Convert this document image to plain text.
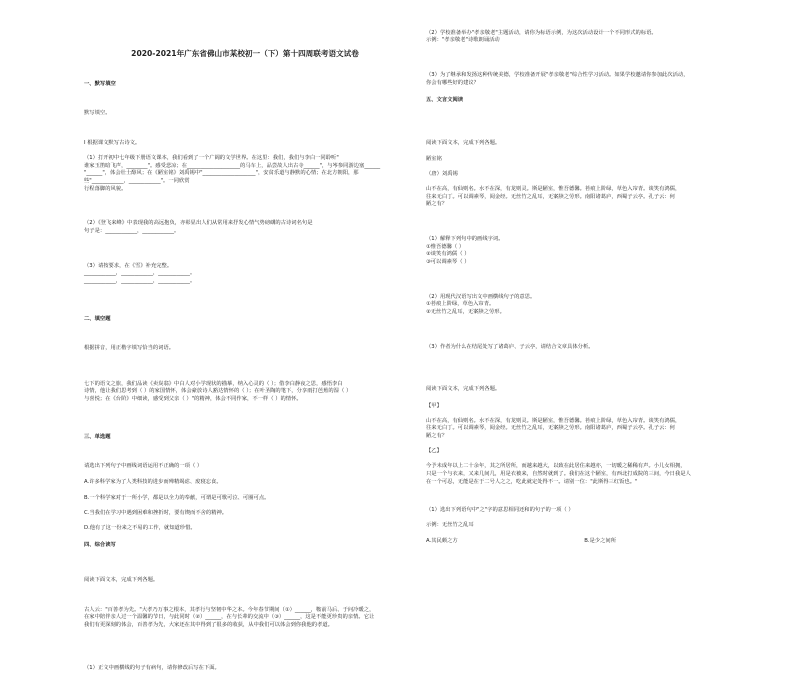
2020-2021年广东省佛山市某校初一（下）第十四周联考语文试卷

一、默写填空

默写填空。

I 根据课文默写古诗文。

（1）打开初中七年级下册语文课本，我们看到了一个广阔的文学世界。在这里：我们，我们与李白一同聆听"
谁家玉笛暗飞声，________"。感受悲凉；在____________________的马车上，品尝故人出古寺______"，与岑参同游边塞______
"______"，体会壮士醇风；在《陋室铭》刘禹锡中"____________________"，安贫乐道与静默的心情；在北方朝阳，那
些"____________，____________"。一同欣赏
行程落脚的风貌。

（2）《登飞来峰》中表现我的高远抱负，亦彰显出人们从常用来抒发心情气势磅礴的古诗词名句是
句子是：____________，____________。

（3）请按要求，在《雪》补充完整。
____________，____________，____________。
____________，____________，____________。

二、填空题

根据拼音，用正楷字填写恰当的词语。

七下的语文之旅，我们品读《卖炭翁》中白人对小学现状的描摹，纳入心灵的（ ）；借李白静夜之思，感悟李白
诗情，他让我们思考到（ ）的家国情怀，体会豪放诗人豁达情怀的（ ）；在叶圣陶的笔下，分享雨打芭蕉的湿（ ）
与喜悦；在《台阶》中细读，感受到父亲（ ）"的精神，体会不同作家，不一样（ ）的情怀。

三、单选题

请选出下列句子中画线词语运用不正确的一项（ ）

A.许多科学家为了人类科技的进步而殚精竭虑、废寝忘食。

B.一个科学家对于一所小学，都是以全力的奉献，可谓是可歌可泣、可圈可点。

C.当我们在学习中遇到困难和挫折时，要有锲而不舍的精神。

D.他有了这一份来之不易的工作，就知道珍惜。

四、综合读写

阅读下面文本，完成下列各题。

古人云："百善孝为先。"大孝乃万事之根本，其孝行与坚韧中华之本。今年春节期间（①）______，鞍前马后、于问冷暖之，
在家中陪伴亲人过一个温馨的节日，与此同时（②）______，在与长辈的交流中（③）______，这是不能更珍贵的亲情。它让
我们有更深刻的体会，百善孝为先，大家还在其中得到了很多的收获，从中我们可以体会到你我他的孝道。

（1）正文中画横线的句子有病句，请你修改后写在下面。

（2）学校准备举办"孝亲敬老"主题活动，请你为标语示例，为这次活动设计一个不同形式的标语。
示例："孝亲敬老"诗歌朗诵活动

（3）为了继承和发扬这种传统美德，学校准备开展"孝亲敬老"综合性学习活动。如果学校邀请你参加此次活动，
你会有哪些好的建议？

五、文言文阅读

阅读下面文本，完成下列各题。

陋室铭

（唐）刘禹锡

山不在高，有仙则名。水不在深，有龙则灵。斯是陋室，惟吾德馨。苔痕上阶绿，草色入帘青。谈笑有鸿儒，
往来无白丁。可以调素琴，阅金经。无丝竹之乱耳，无案牍之劳形。南阳诸葛庐，西蜀子云亭。孔子云：何
陋之有？

（1）解释下列句中的画线字词。
①惟吾德馨（ ）
②谈笑有鸿儒（ ）
③可以调素琴（ ）

（2）用现代汉语写出文中画横线句子的意思。
①苔痕上阶绿，草色入帘青。
②无丝竹之乱耳，无案牍之劳形。

（3）作者为什么在结尾处写了诸葛庐、子云亭，请结合文章具体分析。

阅读下面文本，完成下列各题。

【甲】

山不在高，有仙则名。水不在深，有龙则灵。斯是陋室，惟吾德馨。苔痕上阶绿，草色入帘青。谈笑有鸿儒，
往来无白丁。可以调素琴，阅金经。无丝竹之乱耳，无案牍之劳形。南阳诸葛庐，西蜀子云亭。孔子云：何
陋之有？

【乙】

今予未成年以上二十余年，其之所居所，而越来越大，以致在此居住来越亦，一切暖之稀稀有声。小儿女相拥，
只是一个与衣来，又来几间几，用是衣被来，自然时就到了。我们在这个陋室，有西北打成院的三间，今日我是人
在一个可忍，无能是在于二号人之之，吃此就定处得不一。请别一位："此斯得三红饭也。"

（1）选出下列语句中"之"字的意思相同还和的句子的一项（ ）

示例：无丝竹之乱耳

A.其民颇之方	B.是少之间所
